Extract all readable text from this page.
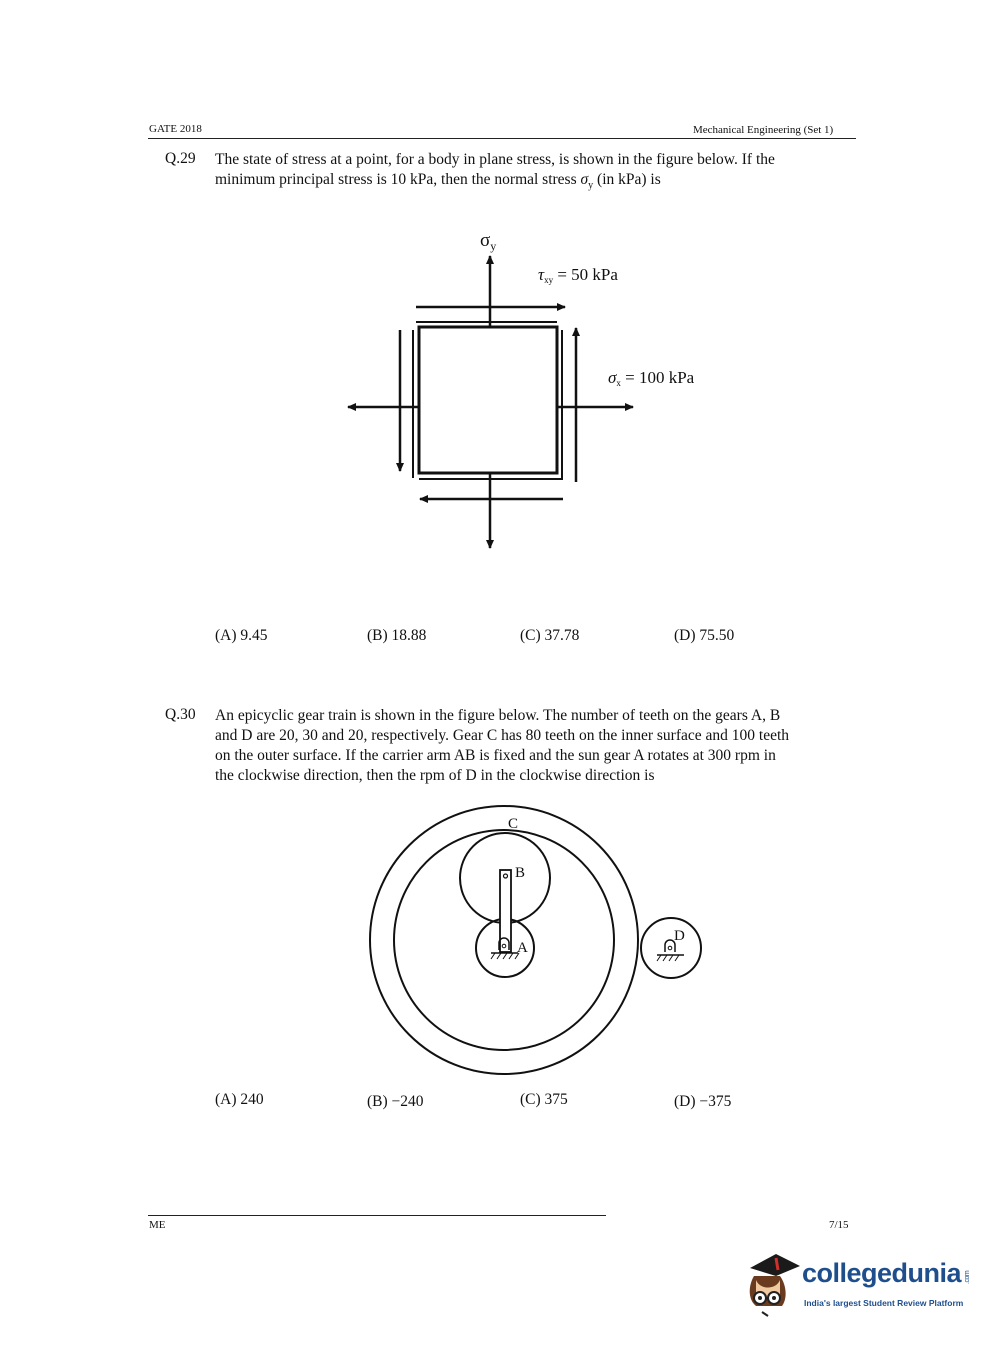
GATE 2018	Mechanical Engineering (Set 1)
Q.29 The state of stress at a point, for a body in plane stress, is shown in the figure below. If the
minimum principal stress is 10 kPa, then the normal stress $\sigma_y$ (in kPa) is
$\sigma_y$
τxy = 50 kPa
σx = 100 kPa
(A) 9.45	(B) 18.88	(C) 37.78	(D) 75.50
Q.30 An epicyclic gear train is shown in the figure below. The number of teeth on the gears A, B
and D are 20, 30 and 20, respectively. Gear C has 80 teeth on the inner surface and 100 teeth
on the outer surface. If the carrier arm AB is fixed and the sun gear A rotates at 300 rpm in
the clockwise direction, then the rpm of D in the clockwise direction is
C
B
A
D
(A) 240	(B) −240	(C) 375	(D) −375
ME	7/15
collegedunia .com
India's largest Student Review Platform
